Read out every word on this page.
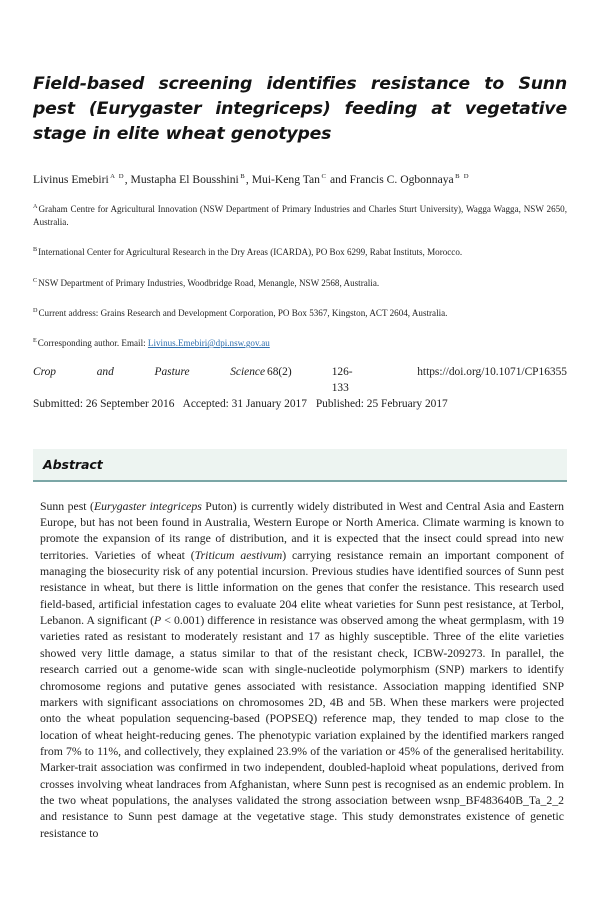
Field-based screening identifies resistance to Sunn pest (Eurygaster integriceps) feeding at vegetative stage in elite wheat genotypes

Livinus Emebiri $^{A D}$, Mustapha El Bousshini $^B$, Mui-Keng Tan $^C$ and Francis C. Ogbonnaya $^{B D}$

$^A$Graham Centre for Agricultural Innovation (NSW Department of Primary Industries and Charles Sturt University), Wagga Wagga, NSW 2650, Australia.

$^B$International Center for Agricultural Research in the Dry Areas (ICARDA), PO Box 6299, Rabat Instituts, Morocco.

$^C$NSW Department of Primary Industries, Woodbridge Road, Menangle, NSW 2568, Australia.

$^D$Current address: Grains Research and Development Corporation, PO Box 5367, Kingston, ACT 2604, Australia.

$^E$Corresponding author. Email: Livinus.Emebiri@dpi.nsw.gov.au

Crop	and	Pasture	Science 68(2)	126-133
https://doi.org/10.1071/CP16355

Submitted: 26 September 2016 Accepted: 31 January 2017 Published: 25 February 2017

Abstract

Sunn pest (Eurygaster integriceps Puton) is currently widely distributed in West and Central Asia and Eastern Europe, but has not been found in Australia, Western Europe or North America. Climate warming is known to promote the expansion of its range of distribution, and it is expected that the insect could spread into new territories. Varieties of wheat (Triticum aestivum) carrying resistance remain an important component of managing the biosecurity risk of any potential incursion. Previous studies have identified sources of Sunn pest resistance in wheat, but there is little information on the genes that confer the resistance. This research used field-based, artificial infestation cages to evaluate 204 elite wheat varieties for Sunn pest resistance, at Terbol, Lebanon. A significant (P < 0.001) difference in resistance was observed among the wheat germplasm, with 19 varieties rated as resistant to moderately resistant and 17 as highly susceptible. Three of the elite varieties showed very little damage, a status similar to that of the resistant check, ICBW-209273. In parallel, the research carried out a genome-wide scan with single-nucleotide polymorphism (SNP) markers to identify chromosome regions and putative genes associated with resistance. Association mapping identified SNP markers with significant associations on chromosomes 2D, 4B and 5B. When these markers were projected onto the wheat population sequencing-based (POPSEQ) reference map, they tended to map close to the location of wheat height-reducing genes. The phenotypic variation explained by the identified markers ranged from 7% to 11%, and collectively, they explained 23.9% of the variation or 45% of the generalised heritability. Marker-trait association was confirmed in two independent, doubled-haploid wheat populations, derived from crosses involving wheat landraces from Afghanistan, where Sunn pest is recognised as an endemic problem. In the two wheat populations, the analyses validated the strong association between wsnp_BF483640B_Ta_2_2 and resistance to Sunn pest damage at the vegetative stage. This study demonstrates existence of genetic resistance to
